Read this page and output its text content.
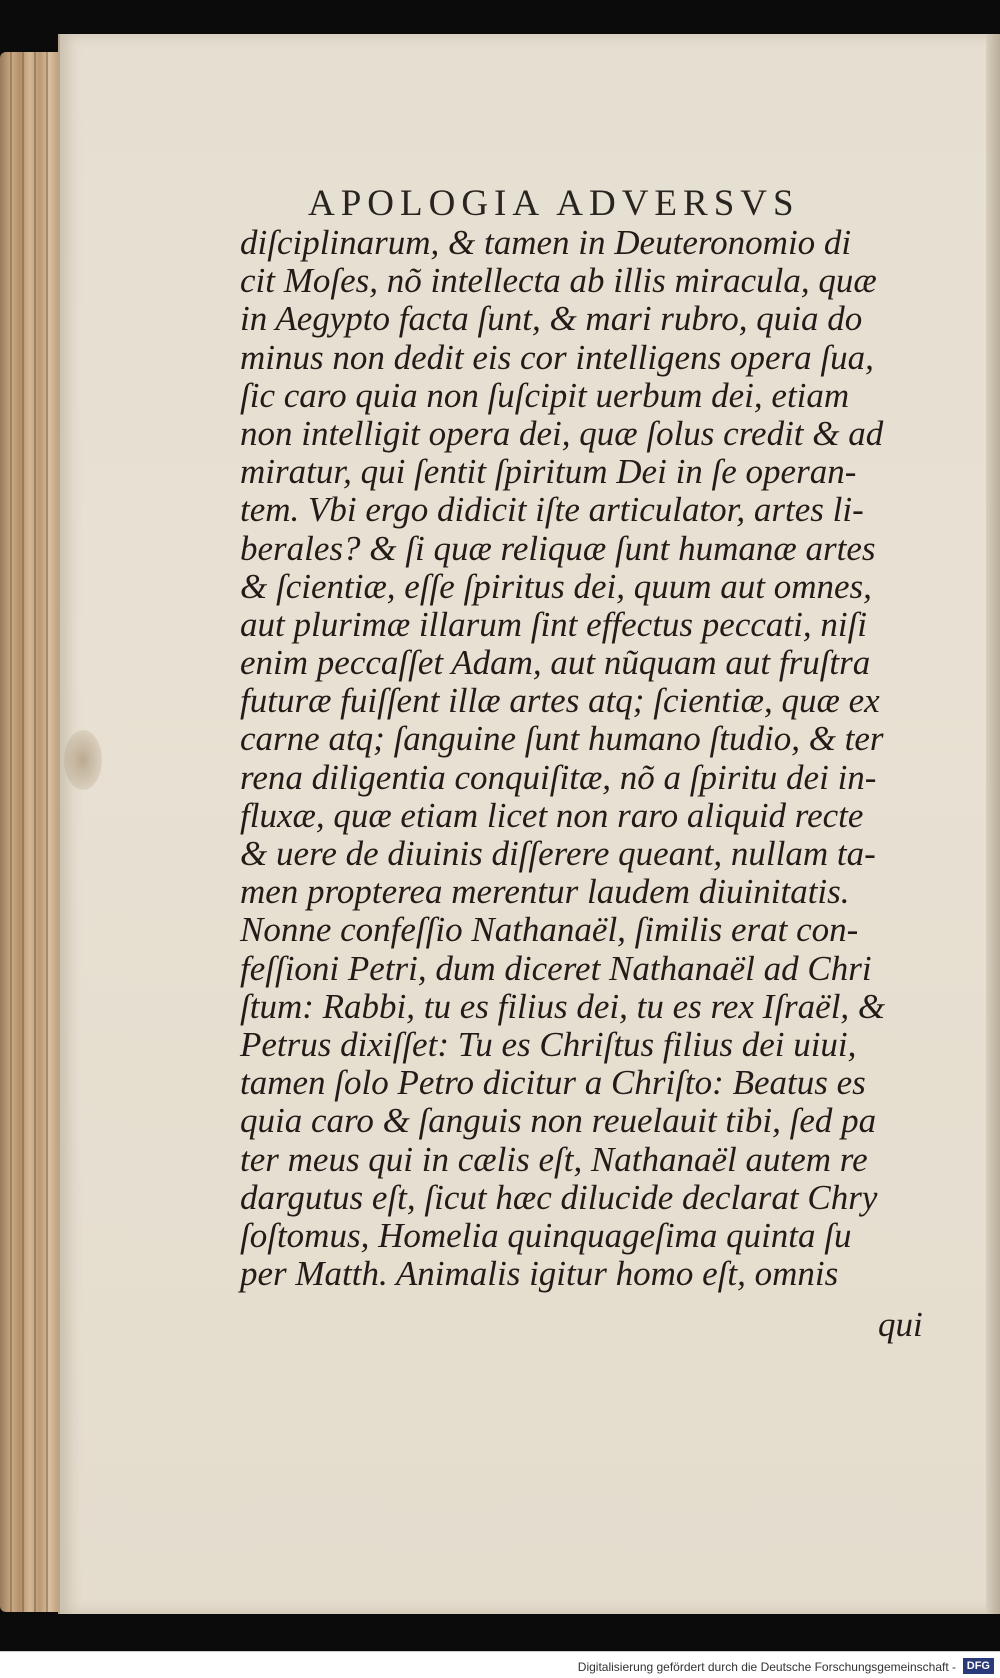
APOLOGIA ADVERSVS
diſciplinarum, & tamen in Deuteronomio di
cit Moſes, nõ intellecta ab illis miracula, quæ
in Aegypto facta ſunt, & mari rubro, quia do
minus non dedit eis cor intelligens opera ſua,
ſic caro quia non ſuſcipit uerbum dei, etiam
non intelligit opera dei, quæ ſolus credit & ad
miratur, qui ſentit ſpiritum Dei in ſe operan-
tem. Vbi ergo didicit iſte articulator, artes li-
berales? & ſi quæ reliquæ ſunt humanæ artes
& ſcientiæ, eſſe ſpiritus dei, quum aut omnes,
aut plurimæ illarum ſint effectus peccati, niſi
enim peccaſſet Adam, aut nũquam aut fruſtra
futuræ fuiſſent illæ artes atq; ſcientiæ, quæ ex
carne atq; ſanguine ſunt humano ſtudio, & ter
rena diligentia conquiſitæ, nõ a ſpiritu dei in-
fluxæ, quæ etiam licet non raro aliquid recte
& uere de diuinis diſſerere queant, nullam ta-
men propterea merentur laudem diuinitatis.
Nonne confeſſio Nathanaël, ſimilis erat con-
feſſioni Petri, dum diceret Nathanaël ad Chri
ſtum: Rabbi, tu es filius dei, tu es rex Iſraël, &
Petrus dixiſſet: Tu es Chriſtus filius dei uiui,
tamen ſolo Petro dicitur a Chriſto: Beatus es
quia caro & ſanguis non reuelauit tibi, ſed pa
ter meus qui in cælis eſt, Nathanaël autem re
dargutus eſt, ſicut hæc dilucide declarat Chry
ſoſtomus, Homelia quinquageſima quinta ſu
per Matth. Animalis igitur homo eſt, omnis
qui
Digitalisierung gefördert durch die Deutsche Forschungsgemeinschaft - DFG
